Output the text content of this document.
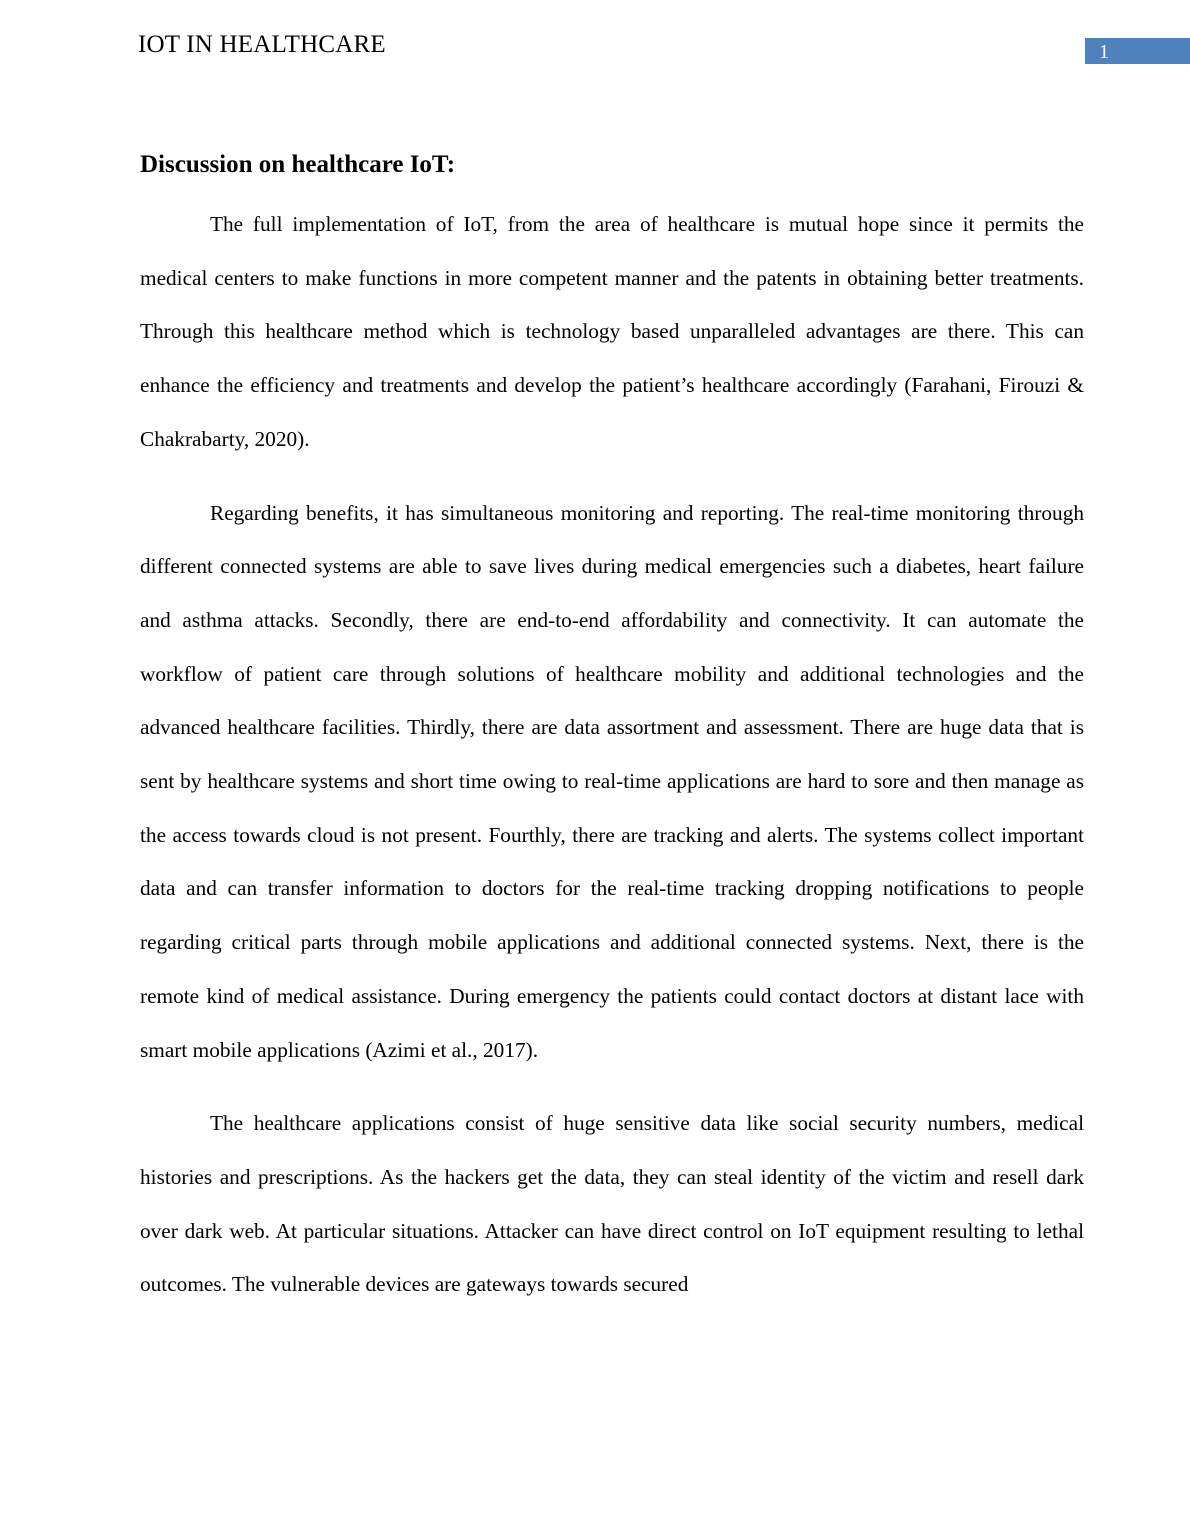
IOT IN HEALTHCARE	1
Discussion on healthcare IoT:

The full implementation of IoT, from the area of healthcare is mutual hope since it permits the medical centers to make functions in more competent manner and the patents in obtaining better treatments. Through this healthcare method which is technology based unparalleled advantages are there. This can enhance the efficiency and treatments and develop the patient’s healthcare accordingly (Farahani, Firouzi & Chakrabarty, 2020).

Regarding benefits, it has simultaneous monitoring and reporting. The real-time monitoring through different connected systems are able to save lives during medical emergencies such a diabetes, heart failure and asthma attacks. Secondly, there are end-to-end affordability and connectivity. It can automate the workflow of patient care through solutions of healthcare mobility and additional technologies and the advanced healthcare facilities. Thirdly, there are data assortment and assessment. There are huge data that is sent by healthcare systems and short time owing to real-time applications are hard to sore and then manage as the access towards cloud is not present. Fourthly, there are tracking and alerts. The systems collect important data and can transfer information to doctors for the real-time tracking dropping notifications to people regarding critical parts through mobile applications and additional connected systems. Next, there is the remote kind of medical assistance. During emergency the patients could contact doctors at distant lace with smart mobile applications (Azimi et al., 2017).

The healthcare applications consist of huge sensitive data like social security numbers, medical histories and prescriptions. As the hackers get the data, they can steal identity of the victim and resell dark over dark web. At particular situations. Attacker can have direct control on IoT equipment resulting to lethal outcomes. The vulnerable devices are gateways towards secured
